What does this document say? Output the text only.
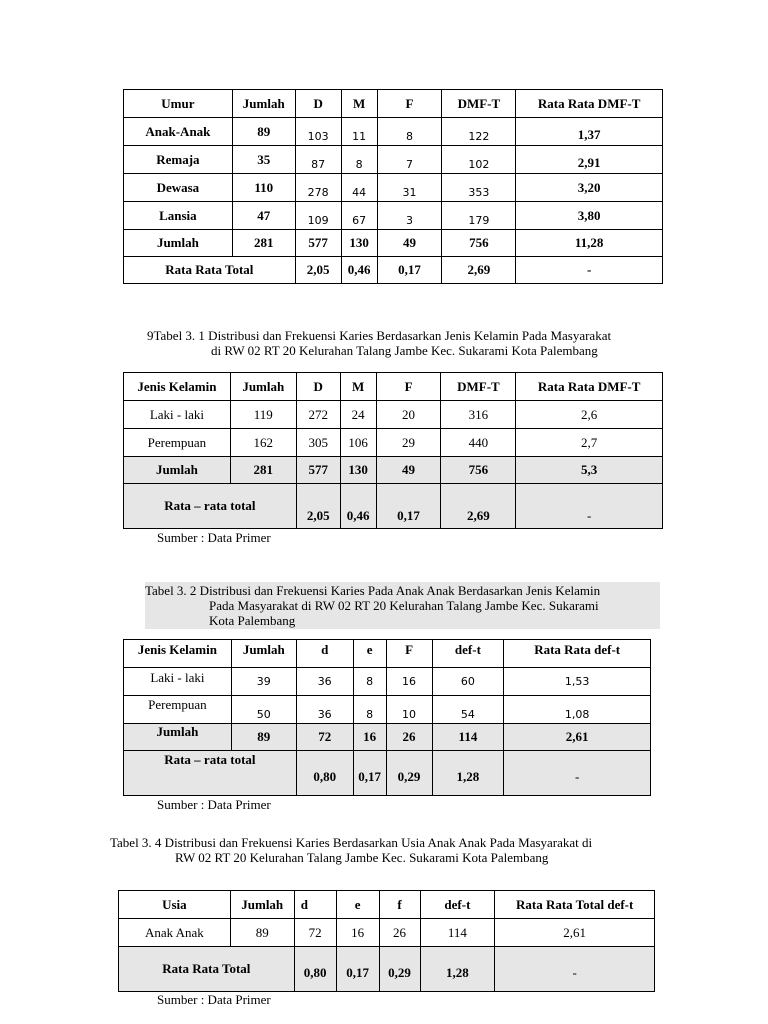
Umur	Jumlah	D	M	F	DMF-T	Rata Rata DMF-T
Anak-Anak	89	103	11	8	122	1,37
Remaja	35	87	8	7	102	2,91
Dewasa	110	278	44	31	353	3,20
Lansia	47	109	67	3	179	3,80
Jumlah	281	577	130	49	756	11,28
Rata Rata Total		2,05	0,46	0,17	2,69	-
9Tabel 3. 1 Distribusi dan Frekuensi Karies Berdasarkan Jenis Kelamin Pada Masyarakat
di RW 02 RT 20 Kelurahan Talang Jambe Kec. Sukarami Kota Palembang
Jenis Kelamin	Jumlah	D	M	F	DMF-T	Rata Rata DMF-T
Laki - laki	119	272	24	20	316	2,6
Perempuan	162	305	106	29	440	2,7
Jumlah	281	577	130	49	756	5,3
Rata – rata total		2,05	0,46	0,17	2,69	-
Sumber : Data Primer
Tabel 3. 2 Distribusi dan Frekuensi Karies Pada Anak Anak Berdasarkan Jenis Kelamin
Pada Masyarakat di RW 02 RT 20 Kelurahan Talang Jambe Kec. Sukarami
Kota Palembang
Jenis Kelamin	Jumlah	d	e	F	def-t	Rata Rata def-t
Laki - laki	39	36	8	16	60	1,53
Perempuan	50	36	8	10	54	1,08
Jumlah	89	72	16	26	114	2,61
Rata – rata total		0,80	0,17	0,29	1,28	-
Sumber : Data Primer
Tabel 3. 4 Distribusi dan Frekuensi Karies Berdasarkan Usia Anak Anak Pada Masyarakat di
RW 02 RT 20 Kelurahan Talang Jambe Kec. Sukarami Kota Palembang
Usia	Jumlah	d	e	f	def-t	Rata Rata Total def-t
Anak Anak	89	72	16	26	114	2,61
Rata Rata Total		0,80	0,17	0,29	1,28	-
Sumber : Data Primer
